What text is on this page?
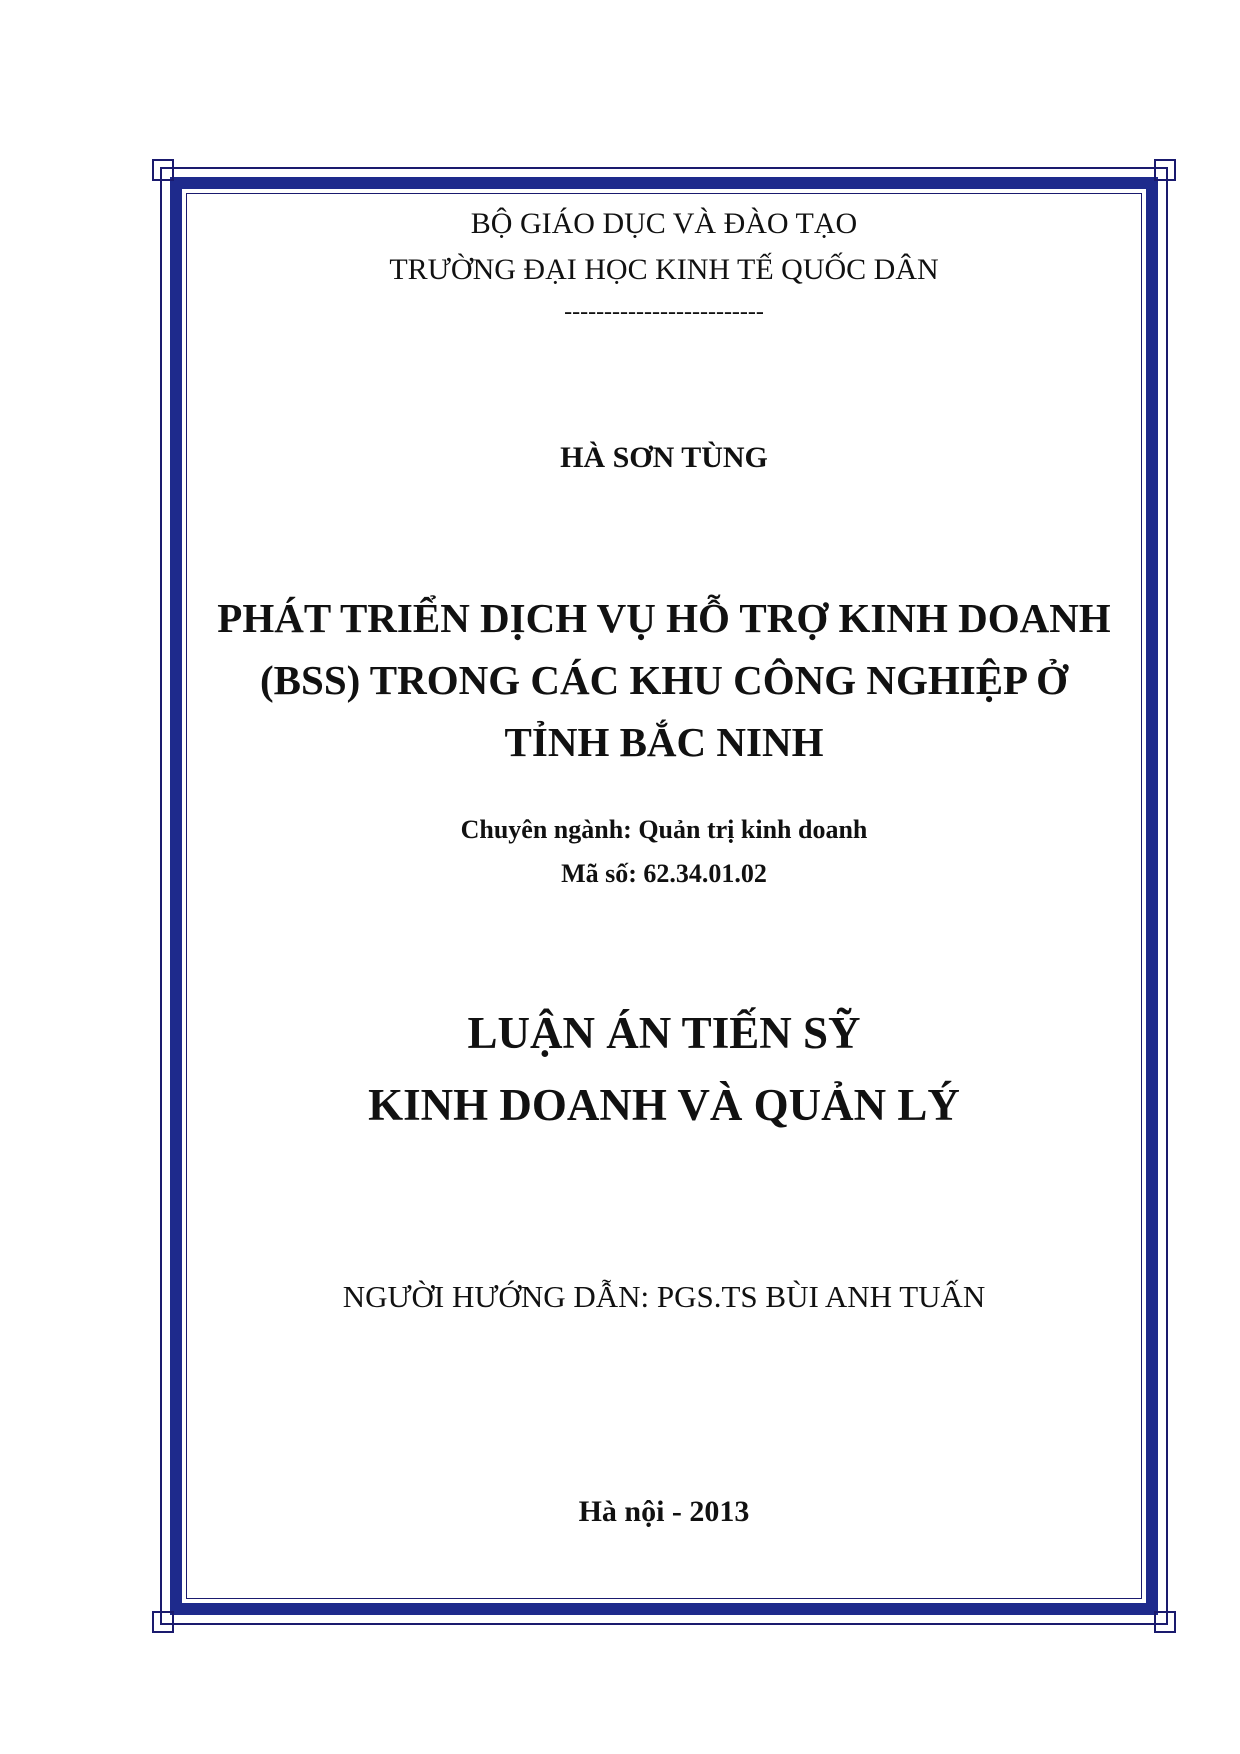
BỘ GIÁO DỤC VÀ ĐÀO TẠO
TRƯỜNG ĐẠI HỌC KINH TẾ QUỐC DÂN
-------------------------
HÀ SƠN TÙNG
PHÁT TRIỂN DỊCH VỤ HỖ TRỢ KINH DOANH
(BSS) TRONG CÁC KHU CÔNG NGHIỆP Ở
TỈNH BẮC NINH
Chuyên ngành: Quản trị kinh doanh
Mã số: 62.34.01.02
LUẬN ÁN TIẾN SỸ
KINH DOANH VÀ QUẢN LÝ
NGƯỜI HƯỚNG DẪN: PGS.TS BÙI ANH TUẤN
Hà nội - 2013
